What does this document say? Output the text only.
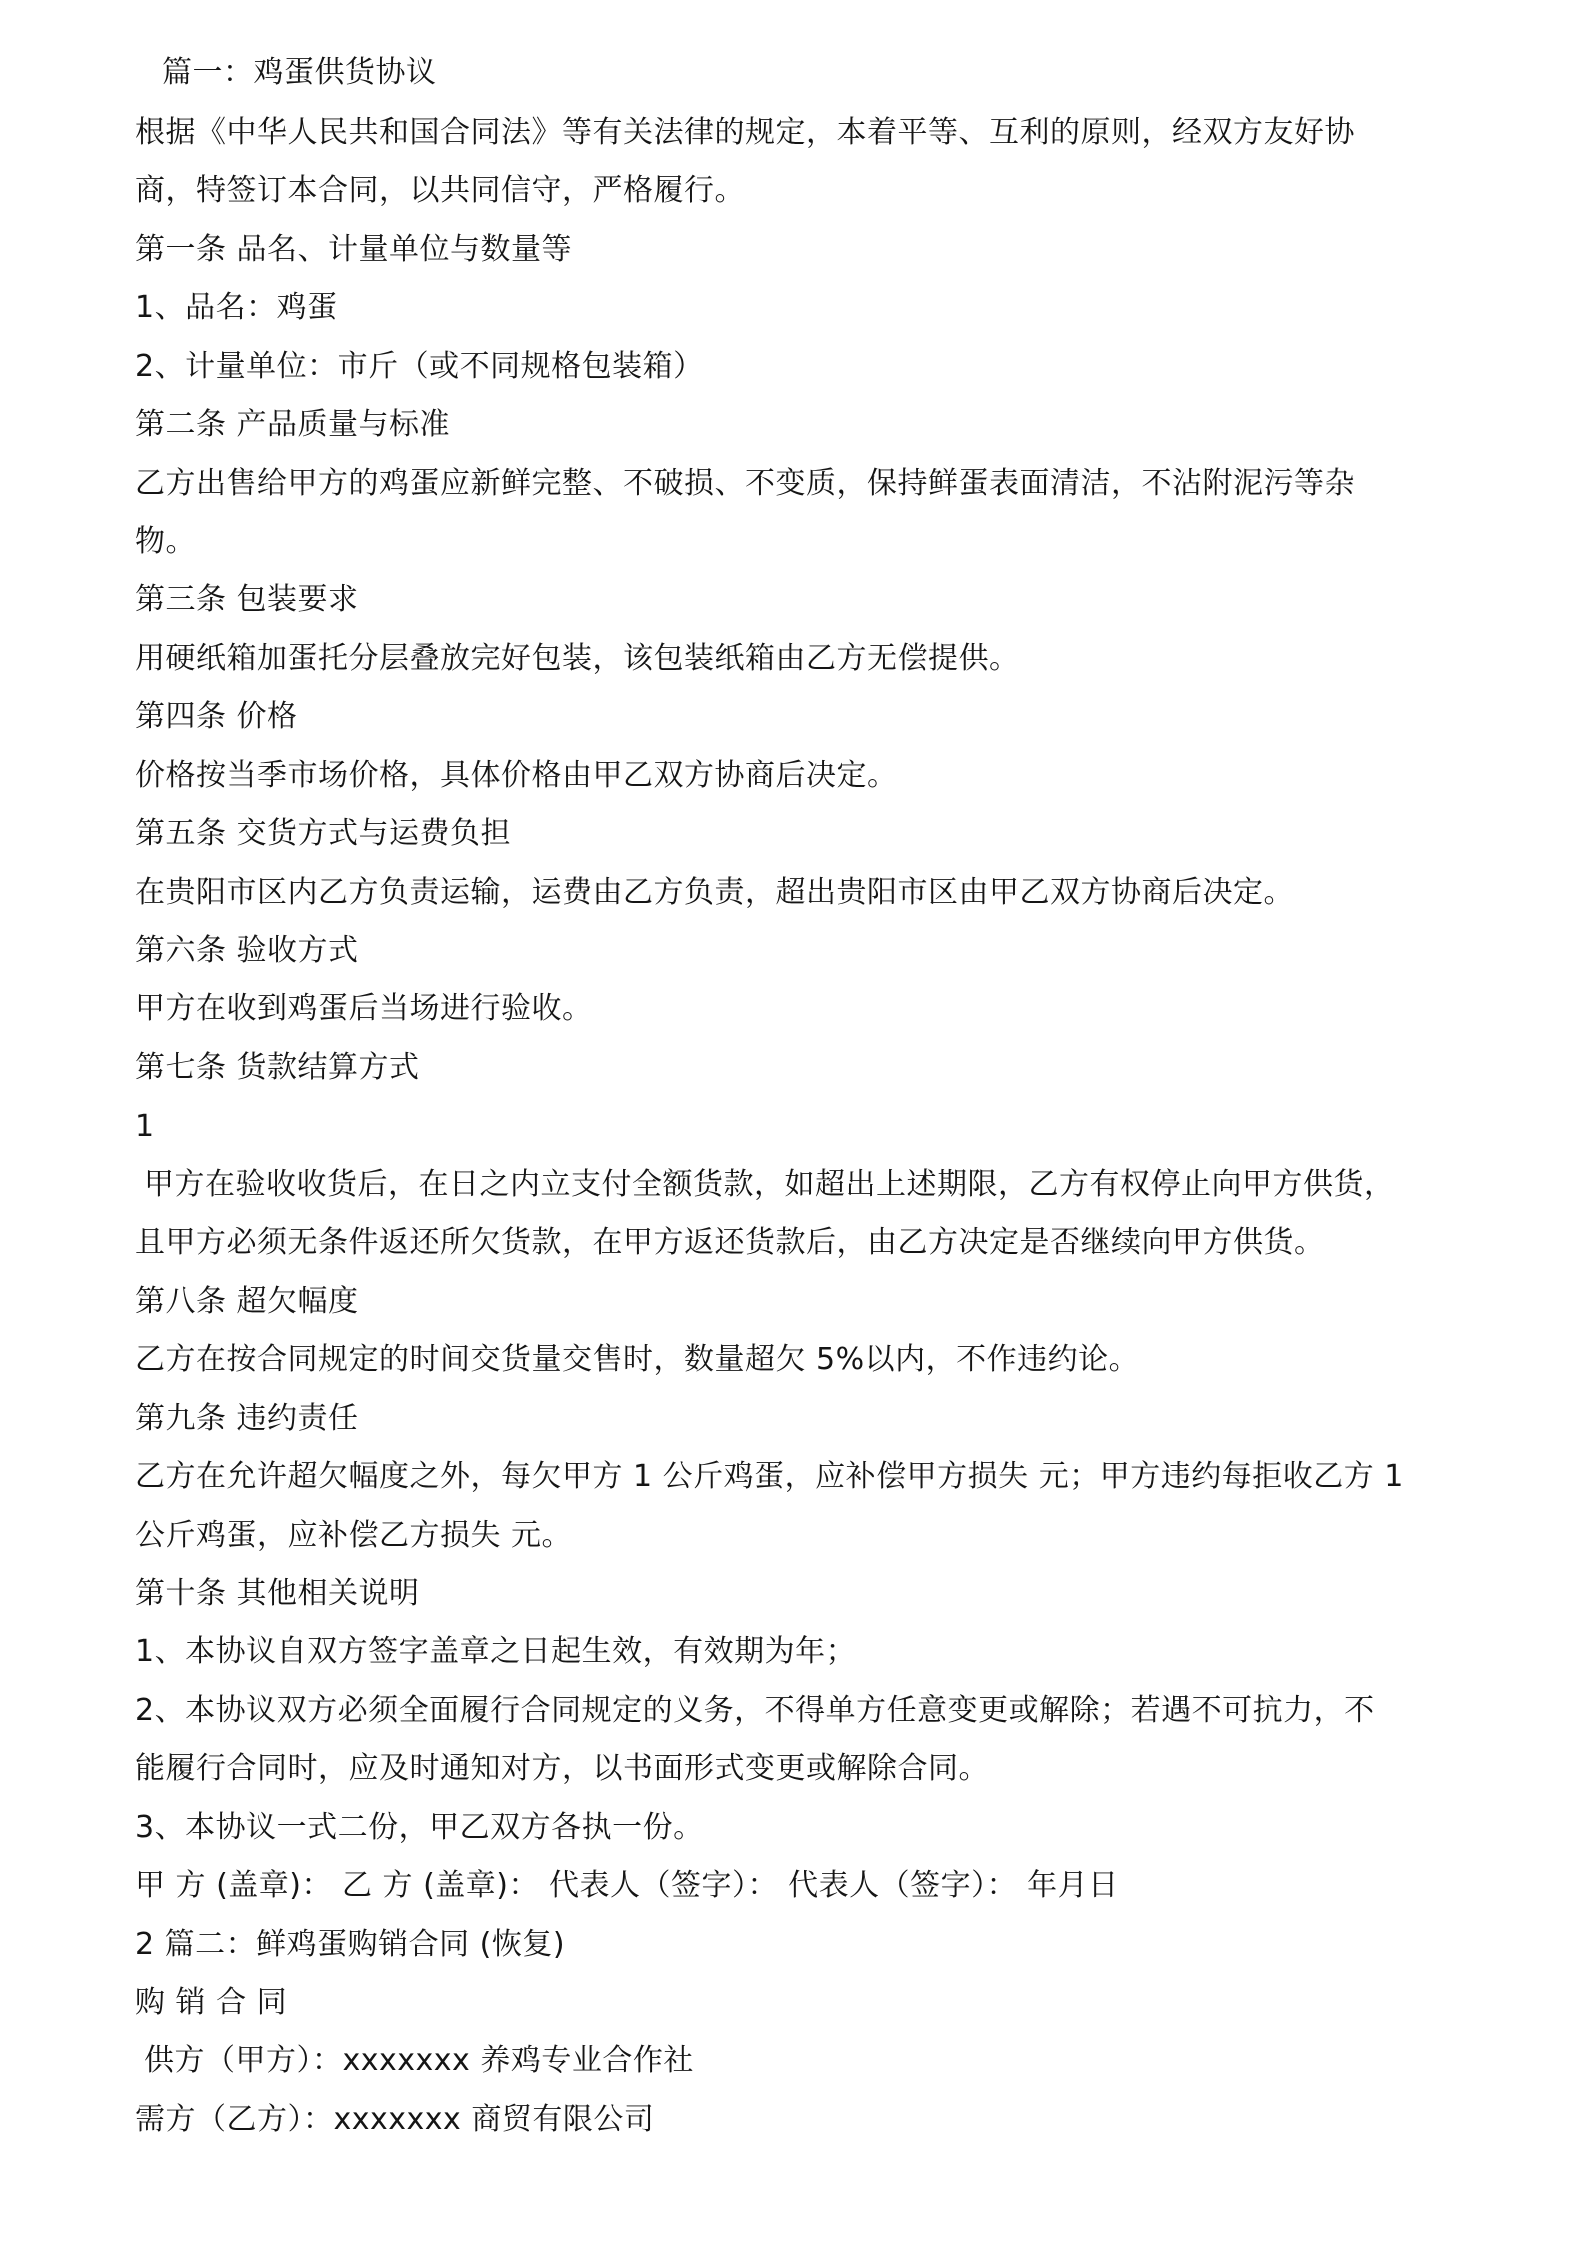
篇一：鸡蛋供货协议

根据《中华人民共和国合同法》等有关法律的规定，本着平等、互利的原则，经双方友好协

商，特签订本合同，以共同信守，严格履行。

第一条 品名、计量单位与数量等

1、品名：鸡蛋

2、计量单位：市斤（或不同规格包装箱）

第二条 产品质量与标准

乙方出售给甲方的鸡蛋应新鲜完整、不破损、不变质，保持鲜蛋表面清洁，不沾附泥污等杂

物。

第三条 包装要求

用硬纸箱加蛋托分层叠放完好包装，该包装纸箱由乙方无偿提供。

第四条 价格

价格按当季市场价格，具体价格由甲乙双方协商后决定。

第五条 交货方式与运费负担

在贵阳市区内乙方负责运输，运费由乙方负责，超出贵阳市区由甲乙双方协商后决定。

第六条 验收方式

甲方在收到鸡蛋后当场进行验收。

第七条 货款结算方式

1

甲方在验收收货后，在日之内立支付全额货款，如超出上述期限，乙方有权停止向甲方供货，

且甲方必须无条件返还所欠货款，在甲方返还货款后，由乙方决定是否继续向甲方供货。

第八条 超欠幅度

乙方在按合同规定的时间交货量交售时，数量超欠 5%以内，不作违约论。

第九条 违约责任

乙方在允许超欠幅度之外，每欠甲方 1 公斤鸡蛋，应补偿甲方损失 元；甲方违约每拒收乙方 1

公斤鸡蛋，应补偿乙方损失 元。

第十条 其他相关说明

1、本协议自双方签字盖章之日起生效，有效期为年；

2、本协议双方必须全面履行合同规定的义务，不得单方任意变更或解除；若遇不可抗力，不

能履行合同时，应及时通知对方，以书面形式变更或解除合同。

3、本协议一式二份，甲乙双方各执一份。

甲 方 (盖章)： 乙 方 (盖章)： 代表人（签字）： 代表人（签字）： 年月日

2 篇二：鲜鸡蛋购销合同 (恢复)

购 销 合 同

供方（甲方）：xxxxxxx 养鸡专业合作社

需方（乙方）：xxxxxxx 商贸有限公司
